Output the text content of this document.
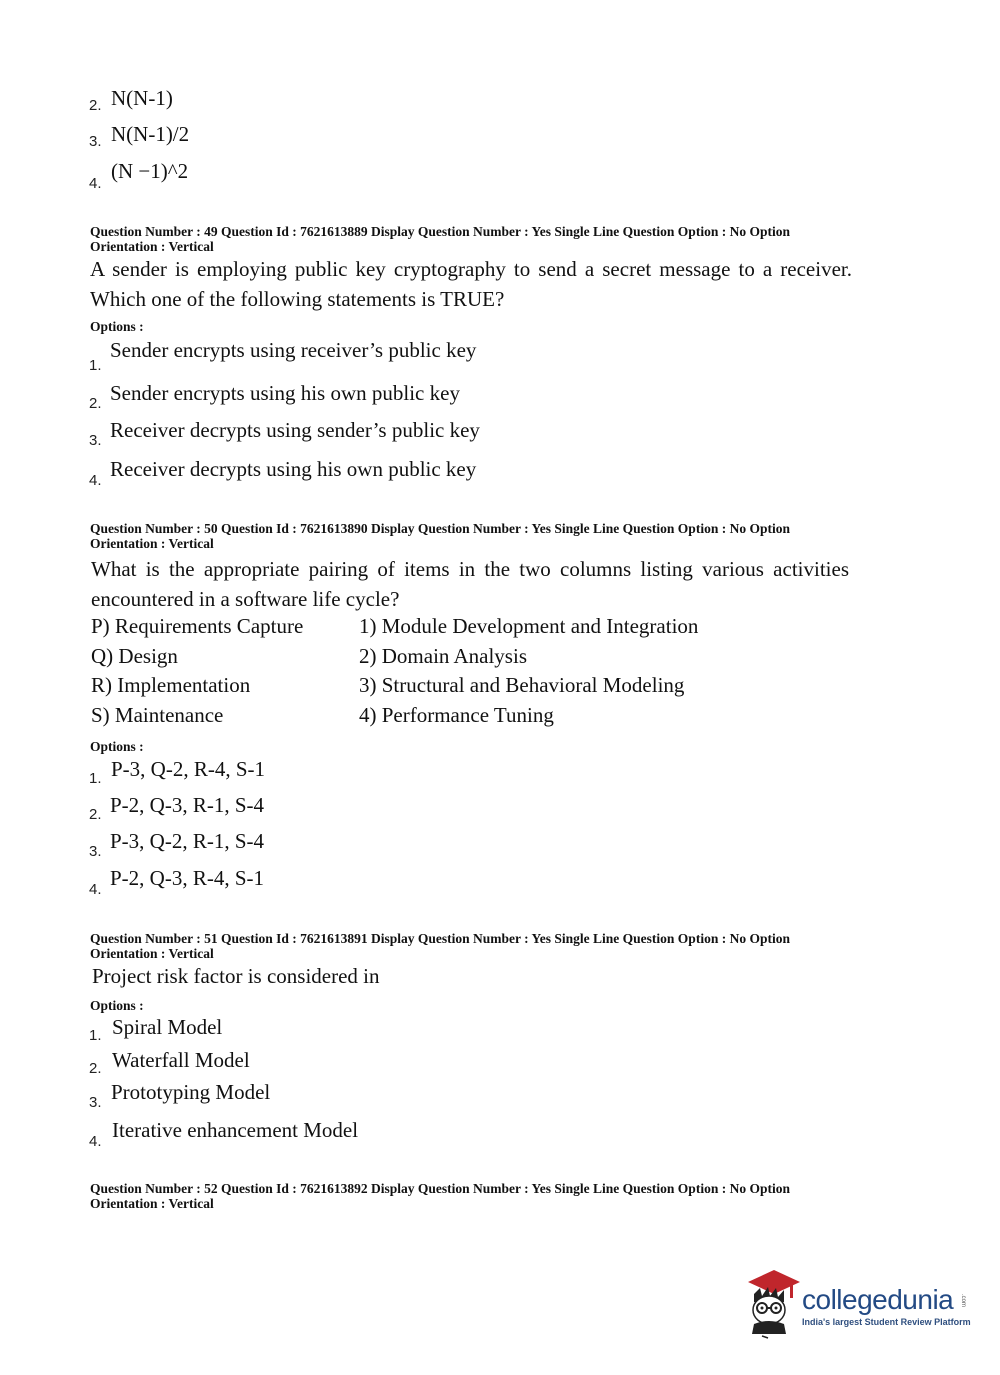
2. N(N-1)
3. N(N-1)/2
4.
(N −1)^2
Question Number : 49 Question Id : 7621613889 Display Question Number : Yes Single Line Question Option : No Option Orientation : Vertical
A sender is employing public key cryptography to send a secret message to a receiver. Which one of the following statements is TRUE?
Options :
1.
Sender encrypts using receiver’s public key
2. Sender encrypts using his own public key
3. Receiver decrypts using sender’s public key
4. Receiver decrypts using his own public key
Question Number : 50 Question Id : 7621613890 Display Question Number : Yes Single Line Question Option : No Option Orientation : Vertical
What is the appropriate pairing of items in the two columns listing various activities encountered in a software life cycle?
P) Requirements Capture
Q) Design
R) Implementation
S) Maintenance
1) Module Development and Integration
2) Domain Analysis
3) Structural and Behavioral Modeling
4) Performance Tuning
Options :
1. P-3, Q-2, R-4, S-1
2. P-2, Q-3, R-1, S-4
3. P-3, Q-2, R-1, S-4
4. P-2, Q-3, R-4, S-1
Question Number : 51 Question Id : 7621613891 Display Question Number : Yes Single Line Question Option : No Option Orientation : Vertical
Project risk factor is considered in
Options :
1. Spiral Model
2. Waterfall Model
3. Prototyping Model
4. Iterative enhancement Model
Question Number : 52 Question Id : 7621613892 Display Question Number : Yes Single Line Question Option : No Option Orientation : Vertical
collegedunia .com
India's largest Student Review Platform
